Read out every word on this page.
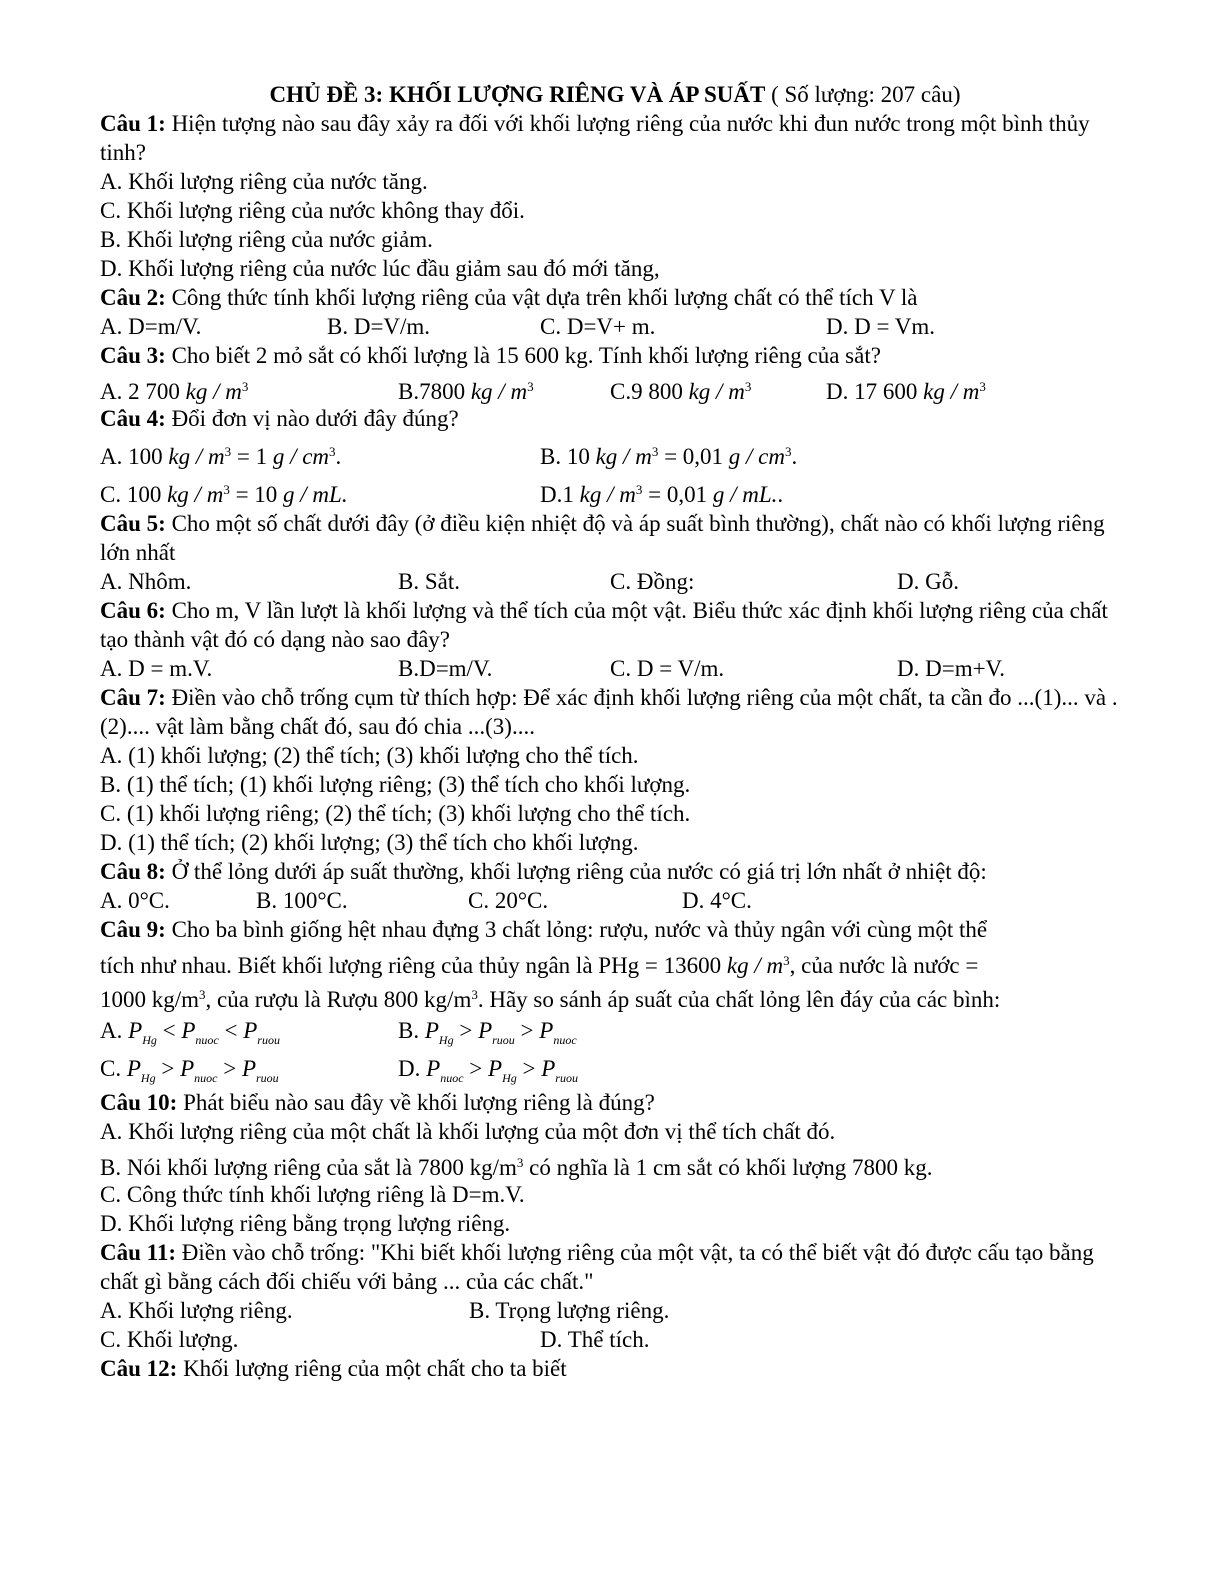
CHỦ ĐỀ 3: KHỐI LƯỢNG RIÊNG VÀ ÁP SUẤT ( Số lượng: 207 câu)
Câu 1: Hiện tượng nào sau đây xảy ra đối với khối lượng riêng của nước khi đun nước trong một bình thủy tinh?
A. Khối lượng riêng của nước tăng.
C. Khối lượng riêng của nước không thay đổi.
B. Khối lượng riêng của nước giảm.
D. Khối lượng riêng của nước lúc đầu giảm sau đó mới tăng,
Câu 2: Công thức tính khối lượng riêng của vật dựa trên khối lượng chất có thể tích V là
A. D=m/V.	B. D=V/m.	C. D=V+ m.	D. D = Vm.
Câu 3: Cho biết 2 mỏ sắt có khối lượng là 15 600 kg. Tính khối lượng riêng của sắt?
A. 2 700 kg / $m^3$	B.7800 kg / $m^3$	C.9 800 kg / $m^3$	D. 17 600 kg / $m^3$
Câu 4: Đổi đơn vị nào dưới đây đúng?
A. 100 kg / $m^3 = 1$ g / $cm^3$.	B. 10 kg / $m^3 = 0,01$ g / $cm^3$.
C. 100 kg / $m^3 = 10$ g / mL.	D.1 kg / $m^3 = 0,01$ g / mL..
Câu 5: Cho một số chất dưới đây (ở điều kiện nhiệt độ và áp suất bình thường), chất nào có khối lượng riêng lớn nhất
A. Nhôm.	B. Sắt.	C. Đồng:	D. Gỗ.
Câu 6: Cho m, V lần lượt là khối lượng và thể tích của một vật. Biểu thức xác định khối lượng riêng của chất tạo thành vật đó có dạng nào sao đây?
A. D = m.V.	B.D=m/V.	C. D = V/m.	D. D=m+V.
Câu 7: Điền vào chỗ trống cụm từ thích hợp: Để xác định khối lượng riêng của một chất, ta cần đo ...(1)... và .(2).... vật làm bằng chất đó, sau đó chia ...(3)....
A. (1) khối lượng; (2) thể tích; (3) khối lượng cho thể tích.
B. (1) thể tích; (1) khối lượng riêng; (3) thể tích cho khối lượng.
C. (1) khối lượng riêng; (2) thể tích; (3) khối lượng cho thể tích.
D. (1) thể tích; (2) khối lượng; (3) thể tích cho khối lượng.
Câu 8: Ở thể lỏng dưới áp suất thường, khối lượng riêng của nước có giá trị lớn nhất ở nhiệt độ:
A. 0°C.	B. 100°C.	C. 20°C.	D. 4°C.
Câu 9: Cho ba bình giống hệt nhau đựng 3 chất lỏng: rượu, nước và thủy ngân với cùng một thể
tích như nhau. Biết khối lượng riêng của thủy ngân là PHg = 13600 kg / $m^3$, của nước là nước =
1000 $kg/m^3$, của rượu là Rượu 800 $kg/m^3$. Hãy so sánh áp suất của chất lỏng lên đáy của các bình:
A. $P_{Hg} < P_{nuoc} < P_{ruou}$	B. $P_{Hg} > P_{ruou} > P_{nuoc}$
C. $P_{Hg} > P_{nuoc} > P_{ruou}$	D. $P_{nuoc} > P_{Hg} > P_{ruou}$
Câu 10: Phát biểu nào sau đây về khối lượng riêng là đúng?
A. Khối lượng riêng của một chất là khối lượng của một đơn vị thể tích chất đó.
B. Nói khối lượng riêng của sắt là 7800 $kg/m^3$ có nghĩa là 1 cm sắt có khối lượng 7800 kg.
C. Công thức tính khối lượng riêng là D=m.V.
D. Khối lượng riêng bằng trọng lượng riêng.
Câu 11: Điền vào chỗ trống: "Khi biết khối lượng riêng của một vật, ta có thể biết vật đó được cấu tạo bằng chất gì bằng cách đối chiếu với bảng ... của các chất."
A. Khối lượng riêng.	B. Trọng lượng riêng.
C. Khối lượng.	D. Thể tích.
Câu 12: Khối lượng riêng của một chất cho ta biết
